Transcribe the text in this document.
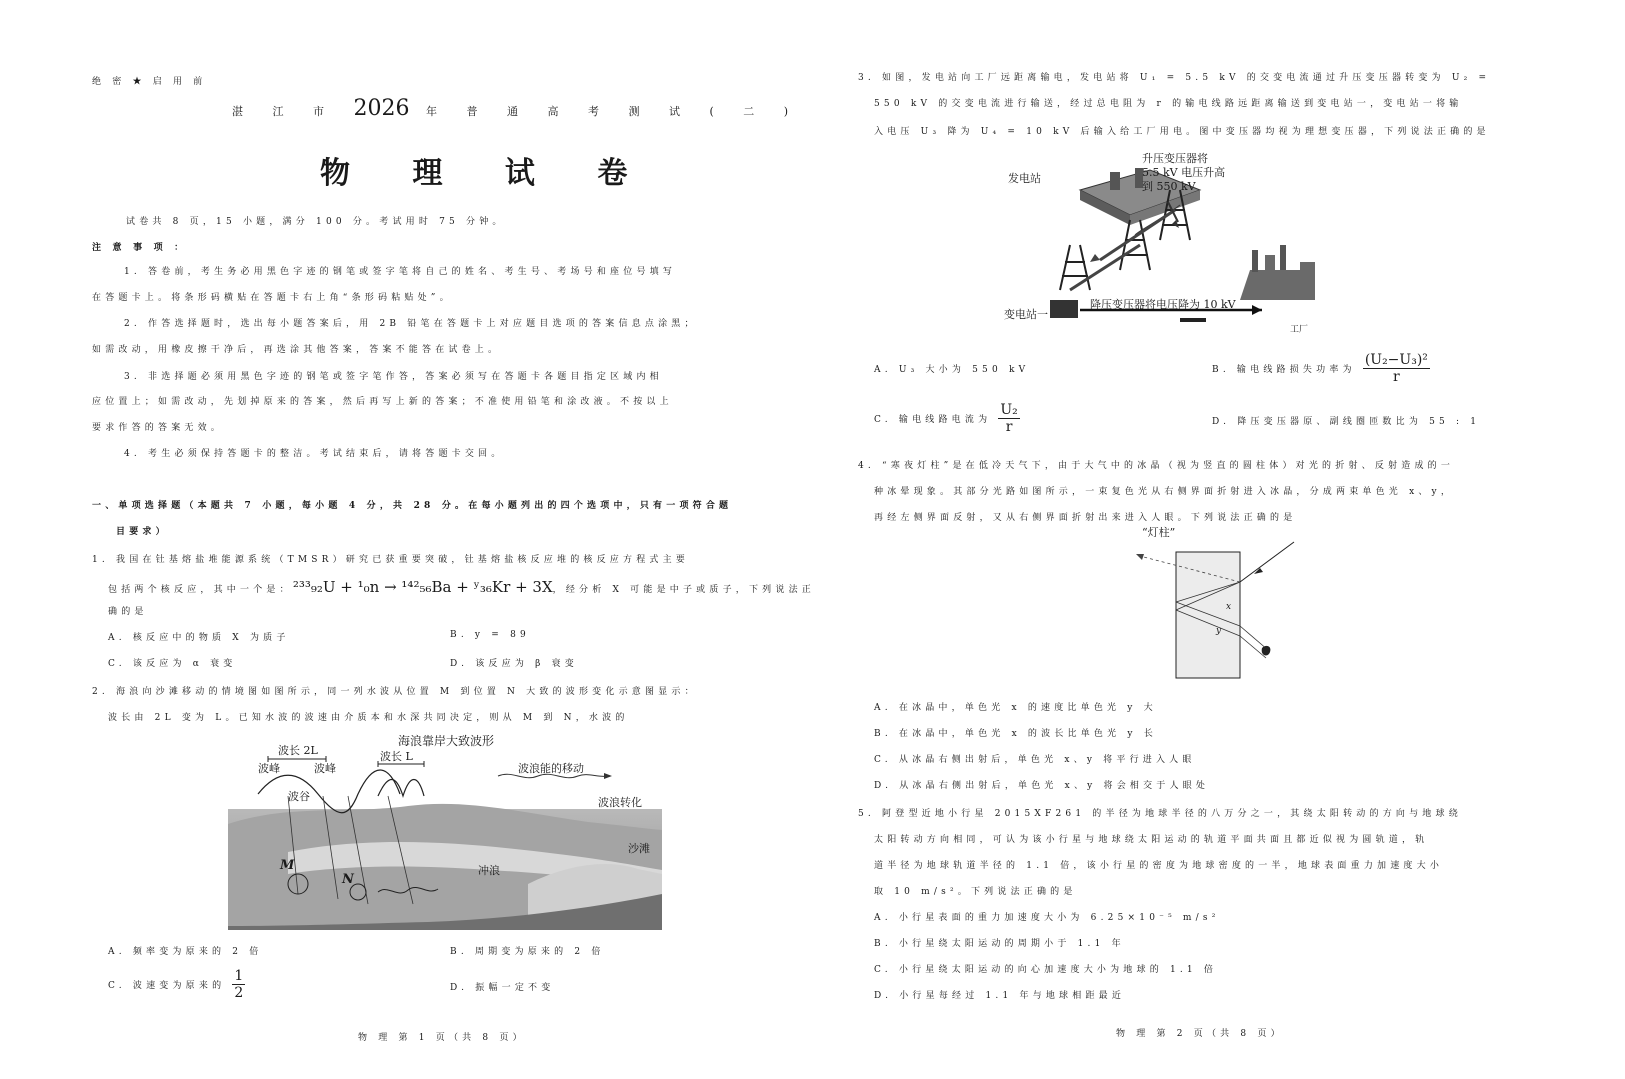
绝 密 ★ 启 用 前
湛 江 市 2026 年 普 通 高 考 测 试 ( 二 )
物 理 试 卷
试卷共 8 页，15 小题，满分 100 分。考试用时 75 分钟。
注 意 事 项 ：
1. 答卷前，考生务必用黑色字迹的钢笔或签字笔将自己的姓名、考生号、考场号和座位号填写
在答题卡上。将条形码横贴在答题卡右上角“条形码粘贴处”。
2. 作答选择题时，选出每小题答案后，用 2B 铅笔在答题卡上对应题目选项的答案信息点涂黑；
如需改动，用橡皮擦干净后，再选涂其他答案，答案不能答在试卷上。
3. 非选择题必须用黑色字迹的钢笔或签字笔作答，答案必须写在答题卡各题目指定区域内相
应位置上；如需改动，先划掉原来的答案，然后再写上新的答案；不准使用铅笔和涂改液。不按以上
要求作答的答案无效。
4. 考生必须保持答题卡的整洁。考试结束后，请将答题卡交回。
一、单项选择题（本题共 7 小题，每小题 4 分，共 28 分。在每小题列出的四个选项中，只有一项符合题
目要求）
1. 我国在钍基熔盐堆能源系统（TMSR）研究已获重要突破，钍基熔盐核反应堆的核反应方程式主要
包括两个核反应，其中一个是：²³³₉₂U + ¹₀n → ¹⁴²₅₆Ba + ʸ₃₆Kr + 3X，经分析 X 可能是中子或质子，下列说法正
确的是
A. 核反应中的物质 X 为质子	B. y = 89
C. 该反应为 α 衰变	D. 该反应为 β 衰变
2. 海浪向沙滩移动的情境图如图所示，同一列水波从位置 M 到位置 N 大致的波形变化示意图显示：
波长由 2L 变为 L。已知水波的波速由介质本和水深共同决定，则从 M 到 N，水波的
海浪靠岸大致波形
波长 2L	波长 L
波峰	波峰
波谷
波浪能的移动
波浪转化
沙滩
冲浪
M
N
A. 频率变为原来的 2 倍	B. 周期变为原来的 2 倍
C. 波速变为原来的 $\frac{1}{2}$	D. 振幅一定不变
物 理 第 1 页（共 8 页）
3. 如图，发电站向工厂远距离输电，发电站将 U₁ = 5.5 kV 的交变电流通过升压变压器转变为 U₂ =
550 kV 的交变电流进行输送，经过总电阻为 r 的输电线路远距离输送到变电站一，变电站一将输
入电压 U₃ 降为 U₄ = 10 kV 后输入给工厂用电。图中变压器均视为理想变压器，下列说法正确的是
发电站
升压变压器将
5.5 kV 电压升高
到 550 kV
变电站一
降压变压器将电压降为 10 kV
工厂
A. U₃ 大小为 550 kV	B. 输电线路损失功率为 $\frac{\text{(U₂−U₃)²}}{r}$
C. 输电线路电流为 $\frac{\text{U₂}}{r}$	D. 降压变压器原、副线圈匝数比为 55 : 1
4. “寒夜灯柱”是在低冷天气下，由于大气中的冰晶（视为竖直的圆柱体）对光的折射、反射造成的一
种冰晕现象。其部分光路如图所示，一束复色光从右侧界面折射进入冰晶，分成两束单色光 x、y，
再经左侧界面反射，又从右侧界面折射出来进入人眼。下列说法正确的是
“灯柱”
x
y
A. 在冰晶中，单色光 x 的速度比单色光 y 大
B. 在冰晶中，单色光 x 的波长比单色光 y 长
C. 从冰晶右侧出射后，单色光 x、y 将平行进入人眼
D. 从冰晶右侧出射后，单色光 x、y 将会相交于人眼处
5. 阿登型近地小行星 2015XF261 的半径为地球半径的八万分之一，其绕太阳转动的方向与地球绕
太阳转动方向相同，可认为该小行星与地球绕太阳运动的轨道平面共面且都近似视为圆轨道，轨
道半径为地球轨道半径的 1.1 倍，该小行星的密度为地球密度的一半，地球表面重力加速度大小
取 10 m/s²。下列说法正确的是
A. 小行星表面的重力加速度大小为 6.25×10⁻⁵ m/s²
B. 小行星绕太阳运动的周期小于 1.1 年
C. 小行星绕太阳运动的向心加速度大小为地球的 1.1 倍
D. 小行星每经过 1.1 年与地球相距最近
物 理 第 2 页（共 8 页）
